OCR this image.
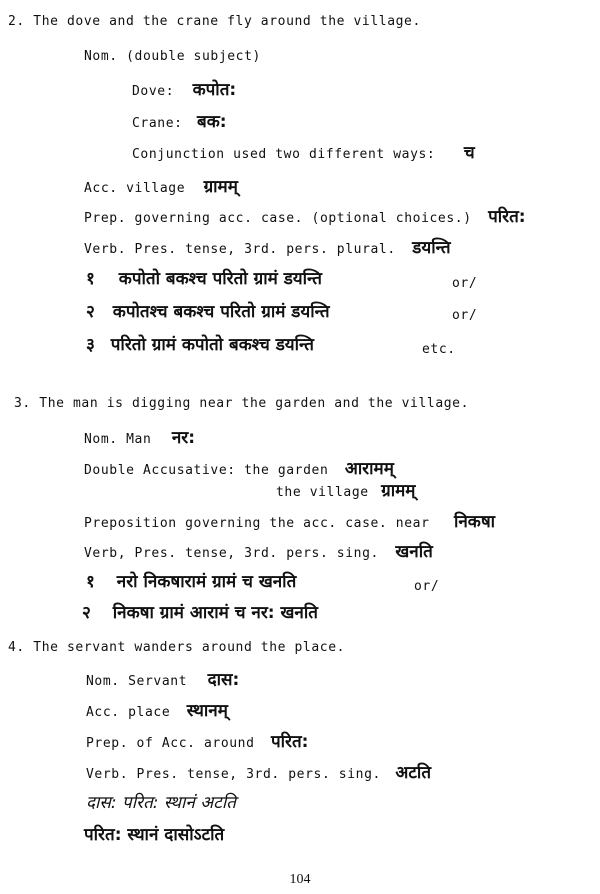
2. The dove and the crane fly around the village.
Nom. (double subject)
Dove: कपोत:
Crane: बक:
Conjunction used two different ways: च
Acc. village ग्रामम्
Prep. governing acc. case. (optional choices.) परित:
Verb. Pres. tense, 3rd. pers. plural. डयन्ति
१ कपोतो बकश्च परितो ग्रामं डयन्ति	or/
२ कपोतश्च बकश्च परितो ग्रामं डयन्ति	or/
३ परितो ग्रामं कपोतो बकश्च डयन्ति	etc.
3. The man is digging near the garden and the village.
Nom. Man नर:
Double Accusative: the garden आरामम्
the village ग्रामम्
Preposition governing the acc. case. near निकषा
Verb, Pres. tense, 3rd. pers. sing. खनति
१ नरो निकषारामं ग्रामं च खनति	or/
२ निकषा ग्रामं आरामं च नर: खनति
4. The servant wanders around the place.
Nom. Servant दास:
Acc. place स्थानम्
Prep. of Acc. around परित:
Verb. Pres. tense, 3rd. pers. sing. अटति
दास: परित: स्थानं अटति
परित: स्थानं दासोऽटति
104
